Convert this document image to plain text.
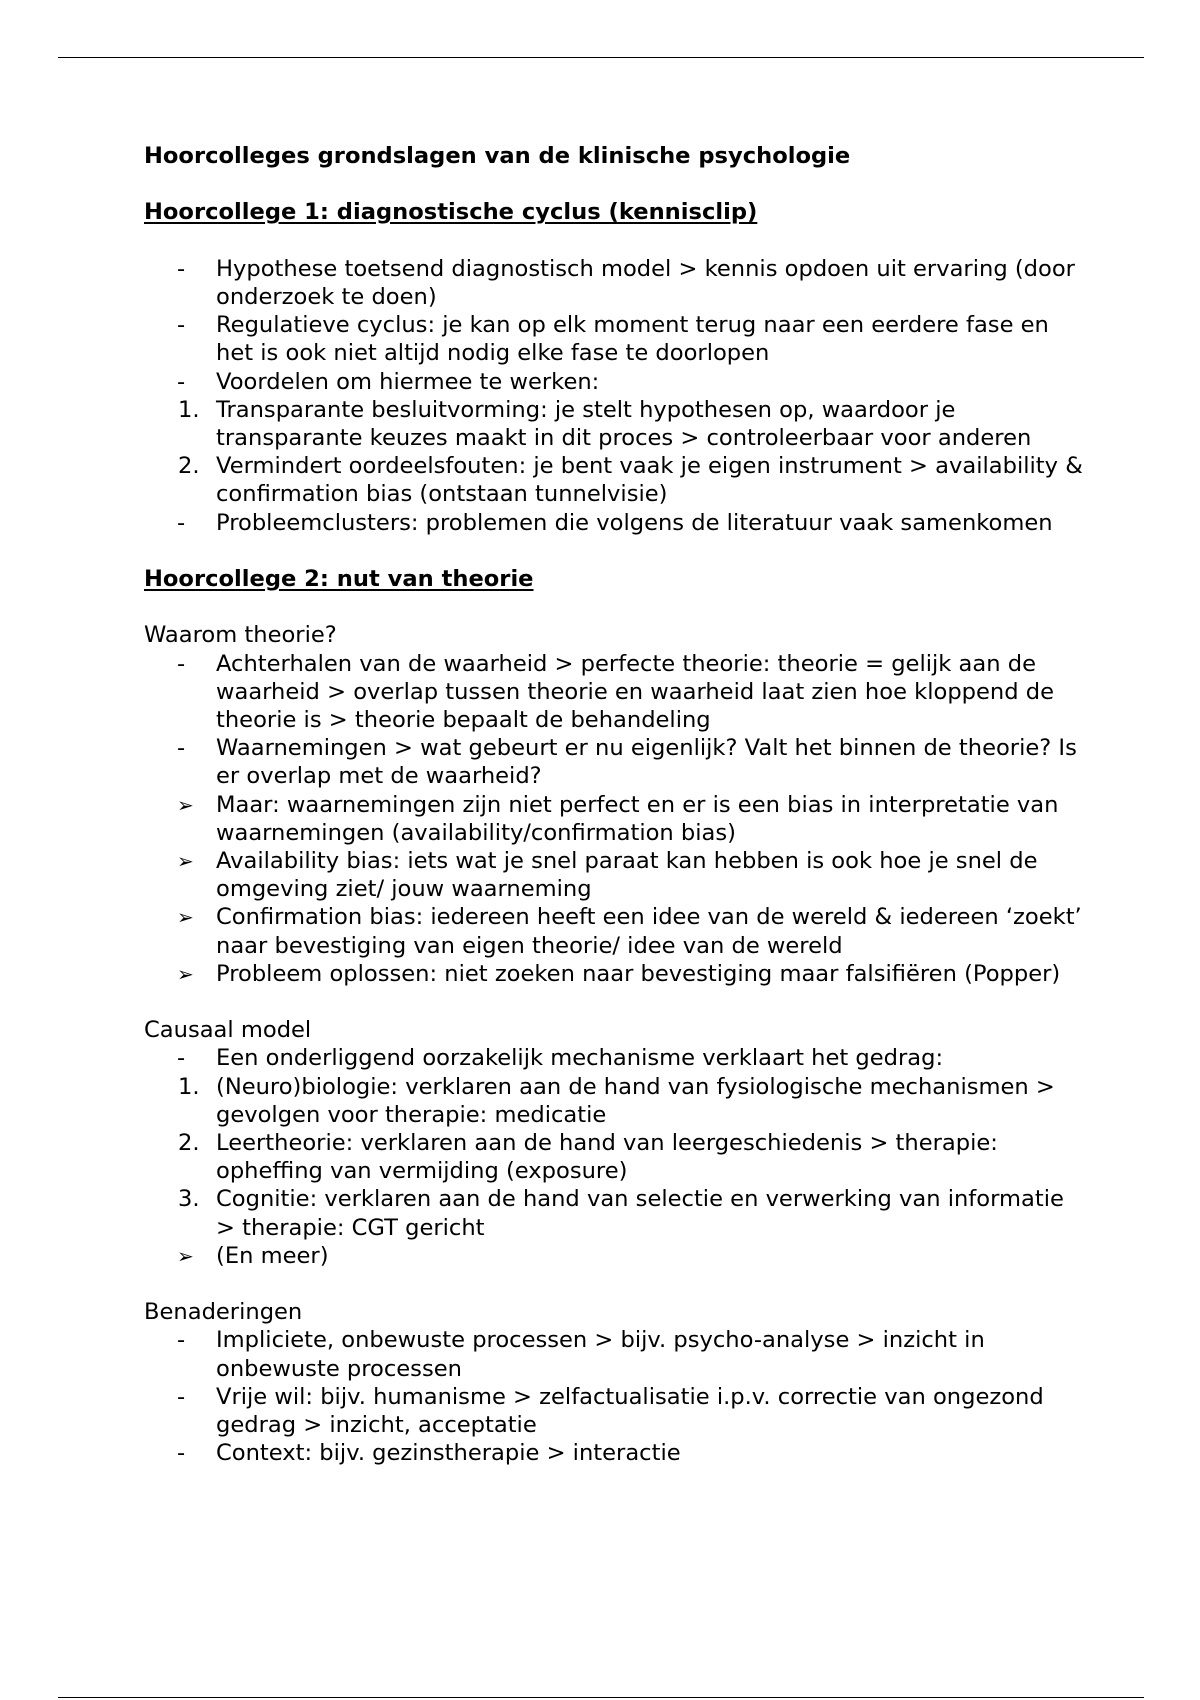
Hoorcolleges grondslagen van de klinische psychologie

Hoorcollege 1: diagnostische cyclus (kennisclip)

-	Hypothese toetsend diagnostisch model > kennis opdoen uit ervaring (door onderzoek te doen)
-	Regulatieve cyclus: je kan op elk moment terug naar een eerdere fase en het is ook niet altijd nodig elke fase te doorlopen
-	Voordelen om hiermee te werken:
1. Transparante besluitvorming: je stelt hypothesen op, waardoor je transparante keuzes maakt in dit proces > controleerbaar voor anderen
2. Vermindert oordeelsfouten: je bent vaak je eigen instrument > availability & confirmation bias (ontstaan tunnelvisie)
-	Probleemclusters: problemen die volgens de literatuur vaak samenkomen

Hoorcollege 2: nut van theorie

Waarom theorie?

-	Achterhalen van de waarheid > perfecte theorie: theorie = gelijk aan de waarheid > overlap tussen theorie en waarheid laat zien hoe kloppend de theorie is > theorie bepaalt de behandeling
-	Waarnemingen > wat gebeurt er nu eigenlijk? Valt het binnen de theorie? Is er overlap met de waarheid?
➢ Maar: waarnemingen zijn niet perfect en er is een bias in interpretatie van waarnemingen (availability/confirmation bias)
➢ Availability bias: iets wat je snel paraat kan hebben is ook hoe je snel de omgeving ziet/ jouw waarneming
➢ Confirmation bias: iedereen heeft een idee van de wereld & iedereen ‘zoekt’ naar bevestiging van eigen theorie/ idee van de wereld
➢ Probleem oplossen: niet zoeken naar bevestiging maar falsifiëren (Popper)

Causaal model

-	Een onderliggend oorzakelijk mechanisme verklaart het gedrag:
1. (Neuro)biologie: verklaren aan de hand van fysiologische mechanismen > gevolgen voor therapie: medicatie
2. Leertheorie: verklaren aan de hand van leergeschiedenis > therapie: opheffing van vermijding (exposure)
3. Cognitie: verklaren aan de hand van selectie en verwerking van informatie > therapie: CGT gericht
➢ (En meer)

Benaderingen

-	Impliciete, onbewuste processen > bijv. psycho-analyse > inzicht in onbewuste processen
-	Vrije wil: bijv. humanisme > zelfactualisatie i.p.v. correctie van ongezond gedrag > inzicht, acceptatie
-	Context: bijv. gezinstherapie > interactie
